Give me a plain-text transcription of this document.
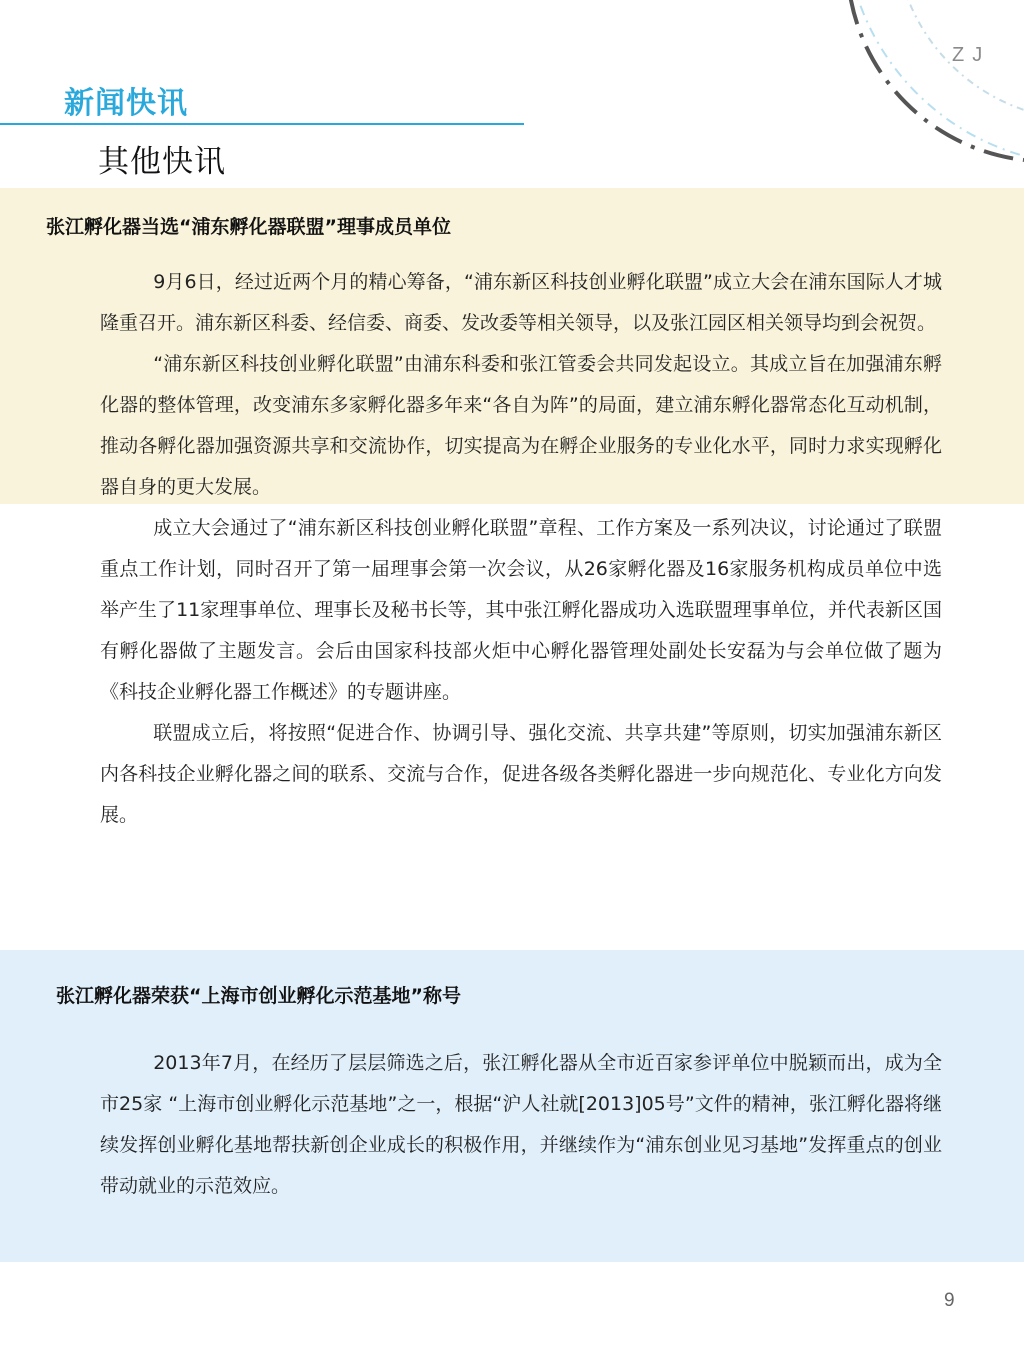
ZJ
新闻快讯
其他快讯
张江孵化器当选“浦东孵化器联盟”理事成员单位

9月6日，经过近两个月的精心筹备，“浦东新区科技创业孵化联盟”成立大会在浦东国际人才城隆重召开。浦东新区科委、经信委、商委、发改委等相关领导，以及张江园区相关领导均到会祝贺。

“浦东新区科技创业孵化联盟”由浦东科委和张江管委会共同发起设立。其成立旨在加强浦东孵化器的整体管理，改变浦东多家孵化器多年来“各自为阵”的局面，建立浦东孵化器常态化互动机制，推动各孵化器加强资源共享和交流协作，切实提高为在孵企业服务的专业化水平，同时力求实现孵化器自身的更大发展。

成立大会通过了“浦东新区科技创业孵化联盟”章程、工作方案及一系列决议，讨论通过了联盟重点工作计划，同时召开了第一届理事会第一次会议，从26家孵化器及16家服务机构成员单位中选举产生了11家理事单位、理事长及秘书长等，其中张江孵化器成功入选联盟理事单位，并代表新区国有孵化器做了主题发言。会后由国家科技部火炬中心孵化器管理处副处长安磊为与会单位做了题为《科技企业孵化器工作概述》的专题讲座。

联盟成立后，将按照“促进合作、协调引导、强化交流、共享共建”等原则，切实加强浦东新区内各科技企业孵化器之间的联系、交流与合作，促进各级各类孵化器进一步向规范化、专业化方向发展。

张江孵化器荣获“上海市创业孵化示范基地”称号

2013年7月，在经历了层层筛选之后，张江孵化器从全市近百家参评单位中脱颖而出，成为全市25家 “上海市创业孵化示范基地”之一，根据“沪人社就[2013]05号”文件的精神，张江孵化器将继续发挥创业孵化基地帮扶新创企业成长的积极作用，并继续作为“浦东创业见习基地”发挥重点的创业带动就业的示范效应。

9
